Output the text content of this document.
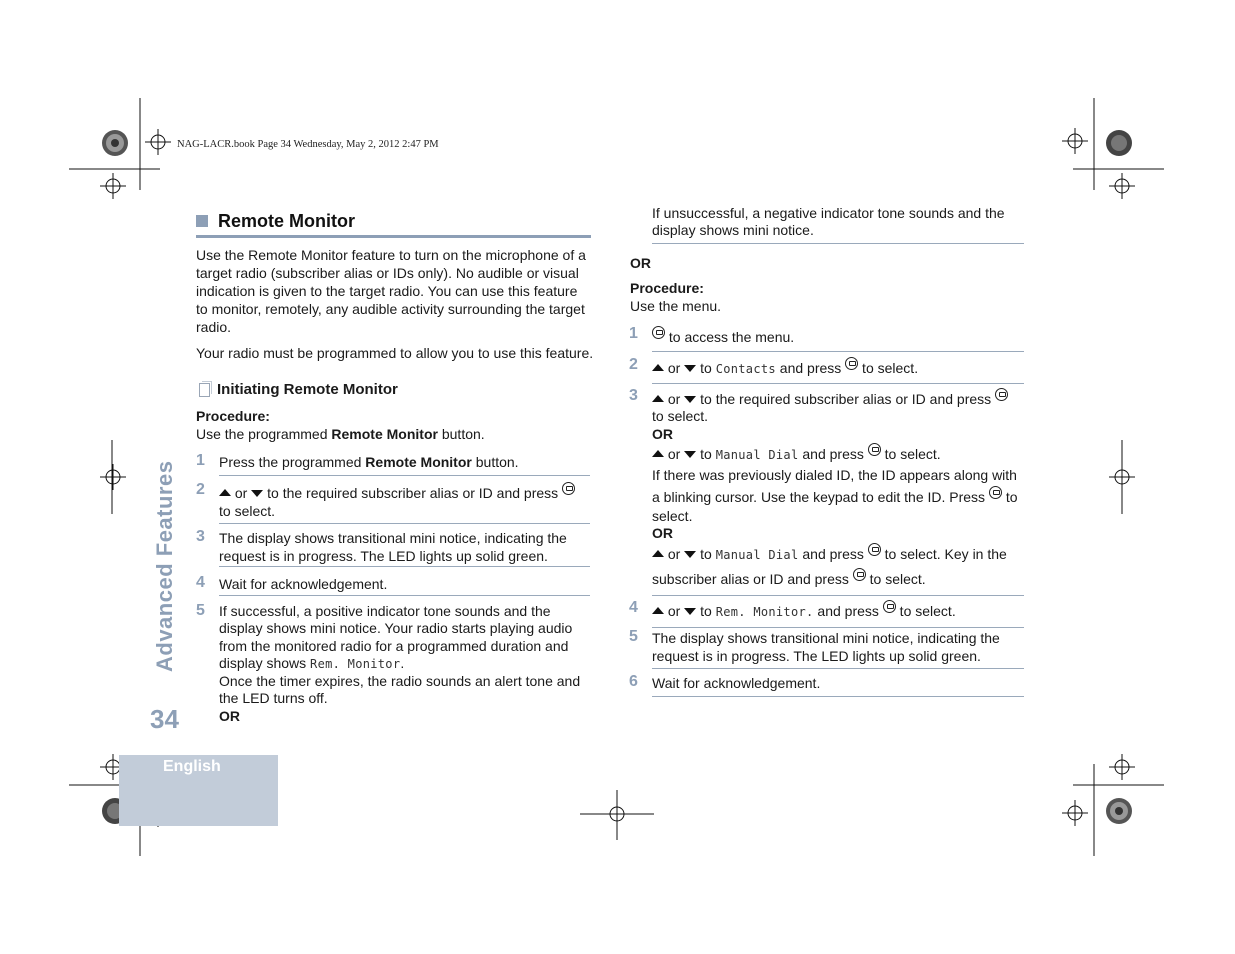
NAG-LACR.book Page 34 Wednesday, May 2, 2012 2:47 PM
Remote Monitor
Use the Remote Monitor feature to turn on the microphone of a target radio (subscriber alias or IDs only). No audible or visual indication is given to the target radio. You can use this feature to monitor, remotely, any audible activity surrounding the target radio.
Your radio must be programmed to allow you to use this feature.
Initiating Remote Monitor
Procedure:
Use the programmed Remote Monitor button.
1 Press the programmed Remote Monitor button.
2	or  to the required subscriber alias or ID and press
to select.
3 The display shows transitional mini notice, indicating the request is in progress. The LED lights up solid green.
4 Wait for acknowledgement.
5 If successful, a positive indicator tone sounds and the display shows mini notice. Your radio starts playing audio from the monitored radio for a programmed duration and display shows Rem. Monitor.
Once the timer expires, the radio sounds an alert tone and the LED turns off.
OR
If unsuccessful, a negative indicator tone sounds and the display shows mini notice.
OR
Procedure:
Use the menu.
1	to access the menu.
2	or  to Contacts and press  to select.
3	or  to the required subscriber alias or ID and press
to select.
OR
or  to Manual Dial and press  to select.
If there was previously dialed ID, the ID appears along with a blinking cursor. Use the keypad to edit the ID. Press  to select.
OR
or  to Manual Dial and press  to select. Key in the subscriber alias or ID and press  to select.
4	or  to Rem. Monitor. and press  to select.
5 The display shows transitional mini notice, indicating the request is in progress. The LED lights up solid green.
6 Wait for acknowledgement.
Advanced Features
34
English
